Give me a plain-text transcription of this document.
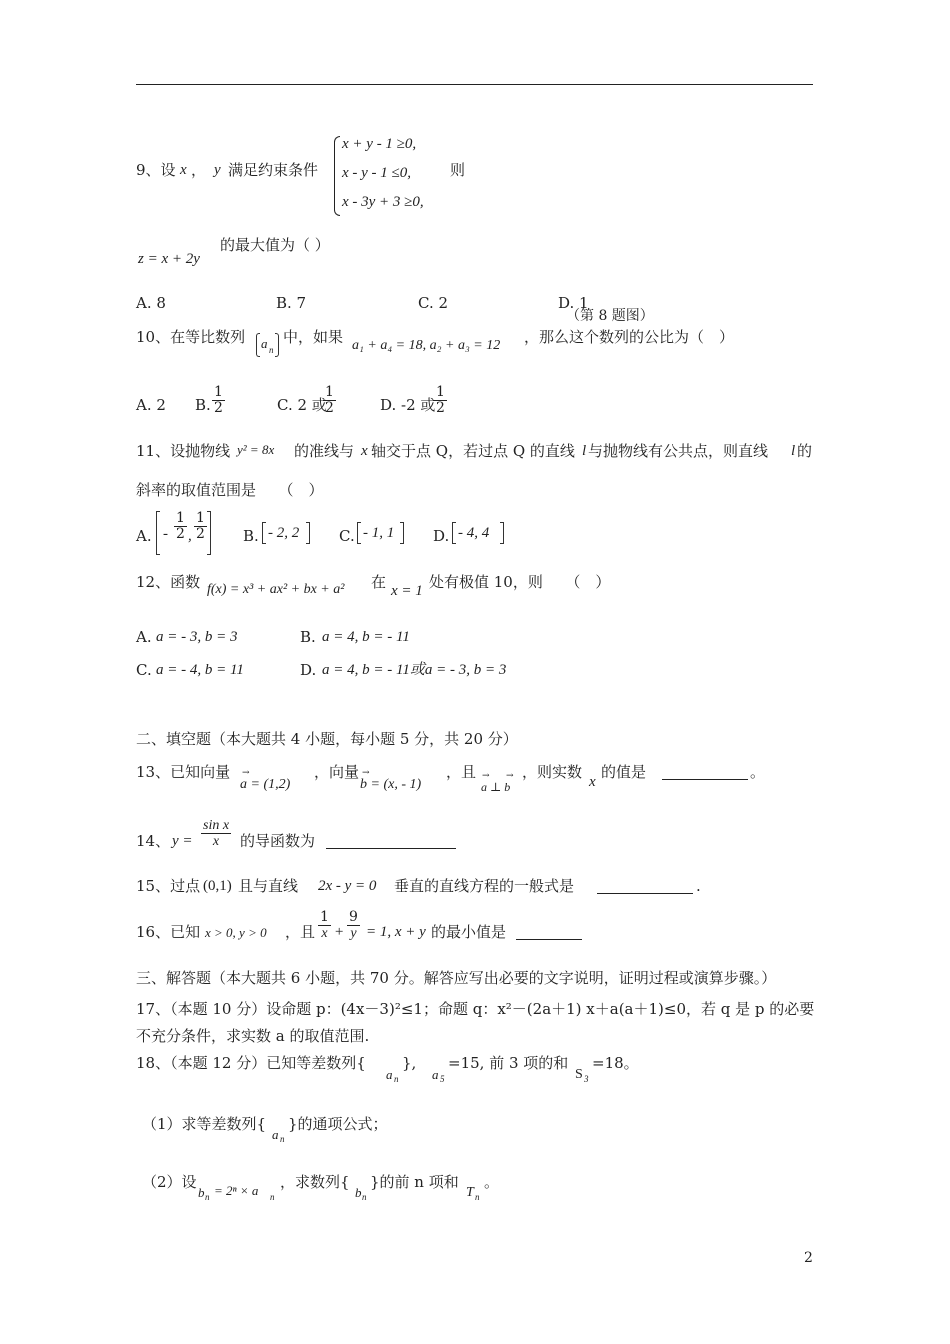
9、设 x ， y 满足约束条件
x + y - 1 ≥0,
x - y - 1 ≤0,
x - 3y + 3 ≥0,
则
z = x + 2y
的最大值为（ ）
A. 8	B. 7	C. 2	D. 1
（第 8 题图）
10、在等比数列 a n
中，如果 a₁ + a₄ = 18, a₂ + a₃ = 12 ，那么这个数列的公比为（　）
A. 2 B. $\frac{1}{2}$	C. 2 或
$\frac{1}{2}$	D. -2 或
$\frac{1}{2}$
11、设抛物线 y² = 8x 的准线与 x 轴交于点 Q，若过点 Q 的直线 l 与抛物线有公共点，则直线 l 的
斜率的取值范围是　　（　）
A. - $\frac{1}{2}$ , $\frac{1}{2} B$. - 2, 2	C. - 1, 1	D. - 4, 4
12、函数 f(x) = x³ + ax² + bx + a² 在 x = 1 处有极值 10，则　　（　）
A. a = - 3, b = 3	B. a = 4, b = - 11
C. a = - 4, b = 11	D. a = 4, b = - 11或a = - 3, b = 3
二、填空题（本大题共 4 小题，每小题 5 分，共 20 分）
13、已知向量 →
a = (1,2)
，向量 →
b = (x, - 1)
，且 → →
a ⊥ b
，则实数
x
的值是	。
14、 $y = \frac{\text{sin x}}{x}$ 的导函数为
15、过点 (0,1) 且与直线 2x - y = 0 垂直的直线方程的一般式是	.
16、已知 x > 0, y > 0 ，且 $\frac{1}{x} + \frac{9}{y} = 1$, x + y 的最小值是
三、解答题（本大题共 6 小题，共 70 分。解答应写出必要的文字说明，证明过程或演算步骤。）
17、（本题 10 分）设命题 p：(4x－3)²≤1；命题 q：x²－(2a＋1) x＋a(a＋1)≤0，若 q 是 p 的必要
不充分条件，求实数 a 的取值范围.
18、（本题 12 分）已知等差数列{
a n
},
a 5
=15, 前 3 项的和
S 3
=18。
（1）求等差数列{
a n
}的通项公式；
（2）设
b n = 2ⁿ × a n
，求数列{
b n
}的前 n 项和
T n
。
2
